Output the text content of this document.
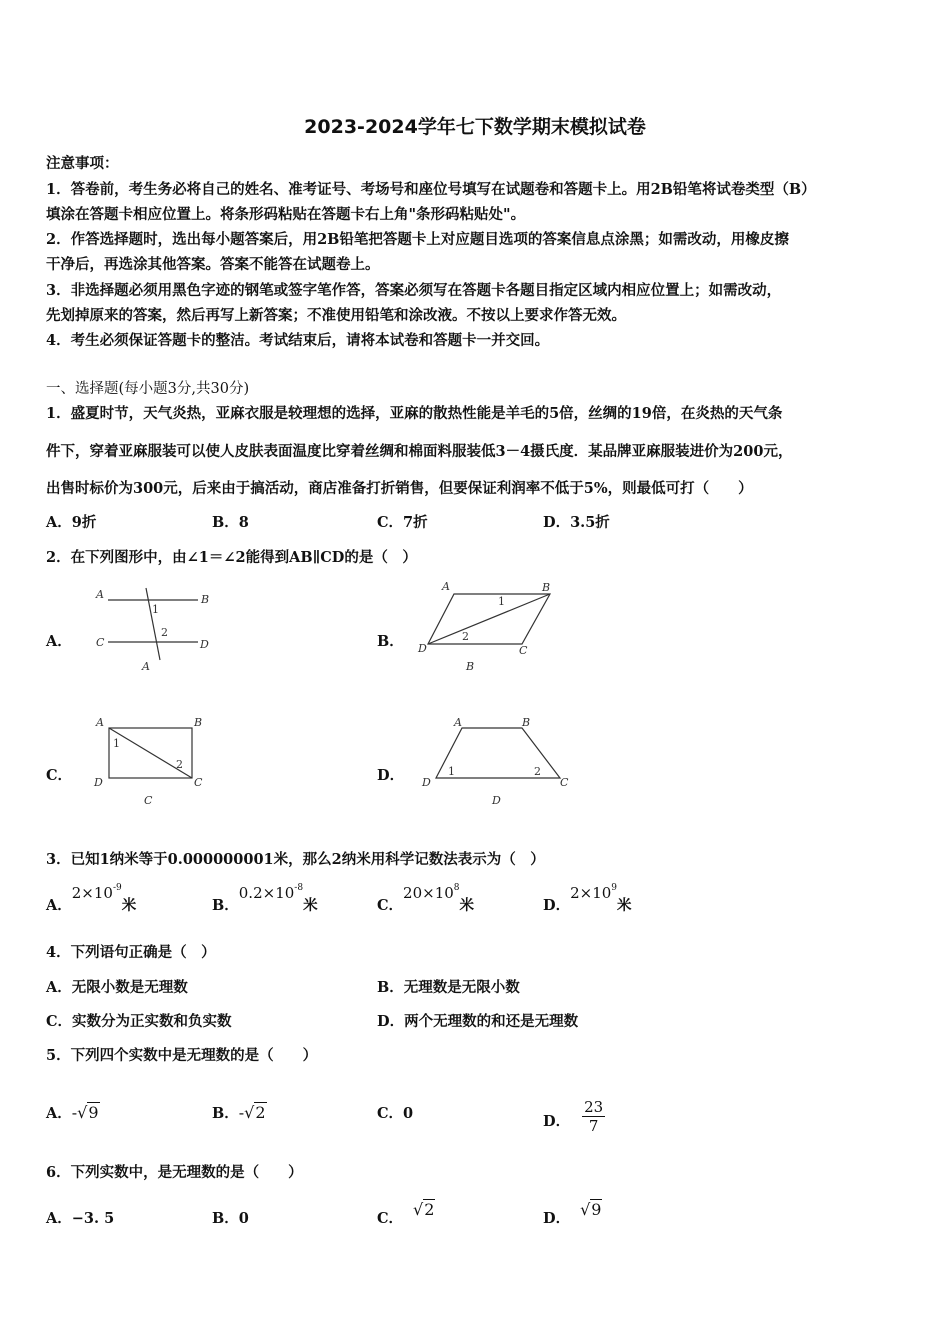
2023-2024学年七下数学期末模拟试卷
注意事项：
1．答卷前，考生务必将自己的姓名、准考证号、考场号和座位号填写在试题卷和答题卡上。用2B铅笔将试卷类型（B）
填涂在答题卡相应位置上。将条形码粘贴在答题卡右上角"条形码粘贴处"。
2．作答选择题时，选出每小题答案后，用2B铅笔把答题卡上对应题目选项的答案信息点涂黑；如需改动，用橡皮擦
干净后，再选涂其他答案。答案不能答在试题卷上。
3．非选择题必须用黑色字迹的钢笔或签字笔作答，答案必须写在答题卡各题目指定区域内相应位置上；如需改动，
先划掉原来的答案，然后再写上新答案；不准使用铅笔和涂改液。不按以上要求作答无效。
4．考生必须保证答题卡的整洁。考试结束后，请将本试卷和答题卡一并交回。
一、选择题(每小题3分,共30分)
1．盛夏时节，天气炎热，亚麻衣服是较理想的选择，亚麻的散热性能是羊毛的5倍，丝绸的19倍，在炎热的天气条
件下，穿着亚麻服装可以使人皮肤表面温度比穿着丝绸和棉面料服装低3－4摄氏度．某品牌亚麻服装进价为200元，
出售时标价为300元，后来由于搞活动，商店准备打折销售，但要保证利润率不低于5%，则最低可打（　　）
A．9折	B．8	C．7折	D．3.5折
2．在下列图形中，由∠1＝∠2能得到AB∥CD的是（　）
A．
A	B
C	D
1
2
A
B．
A	B
D	C
1
2
B
C．
A	B
D	C
1
2
C
D．
A	B
D	C
1	2
D
3．已知1纳米等于0.000000001米，那么2纳米用科学记数法表示为（　）
A．$2\times 10^{-9}$米	B．$0.2\times 10^{-8}$米	C．$20\times 10^8$米	D．$2\times 10^9$米
4．下列语句正确是（　）
A．无限小数是无理数	B．无理数是无限小数
C．实数分为正实数和负实数	D．两个无理数的和还是无理数
5．下列四个实数中是无理数的是（　　）
A．-√9	B．-√2	C．0	D． $\frac{23}{7}$
6．下列实数中，是无理数的是（　　）
A．−3. 5	B．0	C． √2	D． √9
